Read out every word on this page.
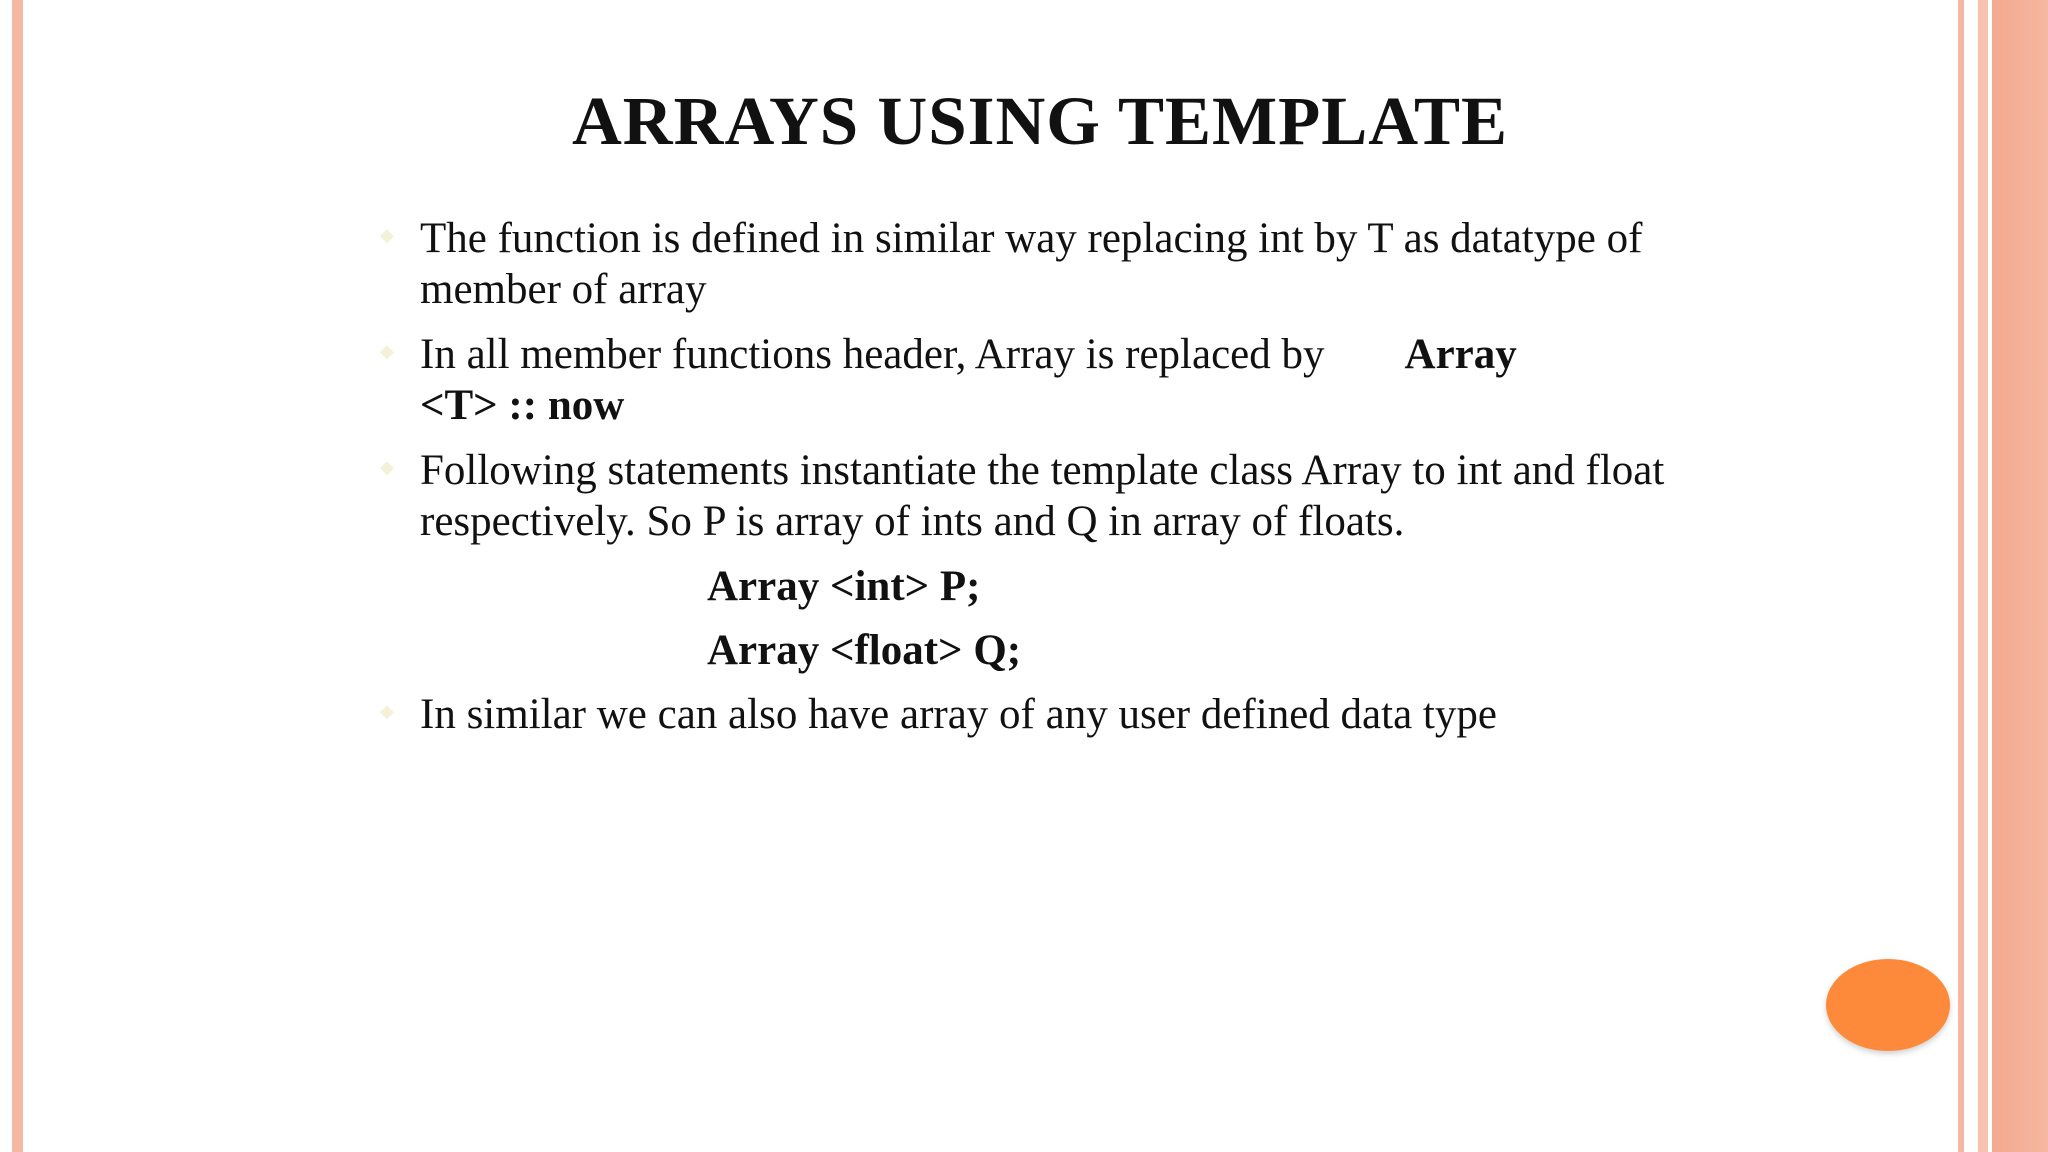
ARRAYS USING TEMPLATE
◆ The function is defined in similar way replacing int by T as datatype of member of array
◆ In all member functions header, Array is replaced by Array
<T> :: now
◆ Following statements instantiate the template class Array to int and float respectively. So P is array of ints and Q in array of floats.
Array <int> P;
Array <float> Q;
◆ In similar we can also have array of any user defined data type
